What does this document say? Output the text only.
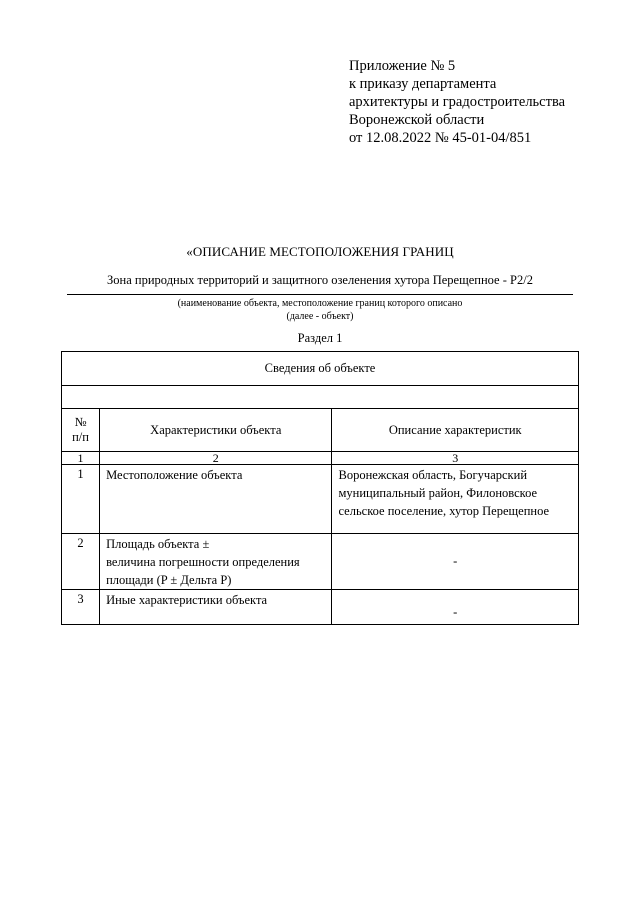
Приложение № 5
к приказу департамента
архитектуры и градостроительства
Воронежской области
от 12.08.2022 № 45-01-04/851
«ОПИСАНИЕ МЕСТОПОЛОЖЕНИЯ ГРАНИЦ
Зона природных территорий и защитного озеленения хутора Перещепное - Р2/2
(наименование объекта, местоположение границ которого описано
(далее - объект)
Раздел 1
Сведения об объекте		

№
п/п	Характеристики объекта	Описание характеристик
1	2	3
1	Местоположение объекта	Воронежская область, Богучарский
муниципальный район, Филоновское
сельское поселение, хутор Перещепное

2	Площадь объекта ±
величина погрешности определения
площади (P ± Дельта P)	-
3	Иные характеристики объекта	-
